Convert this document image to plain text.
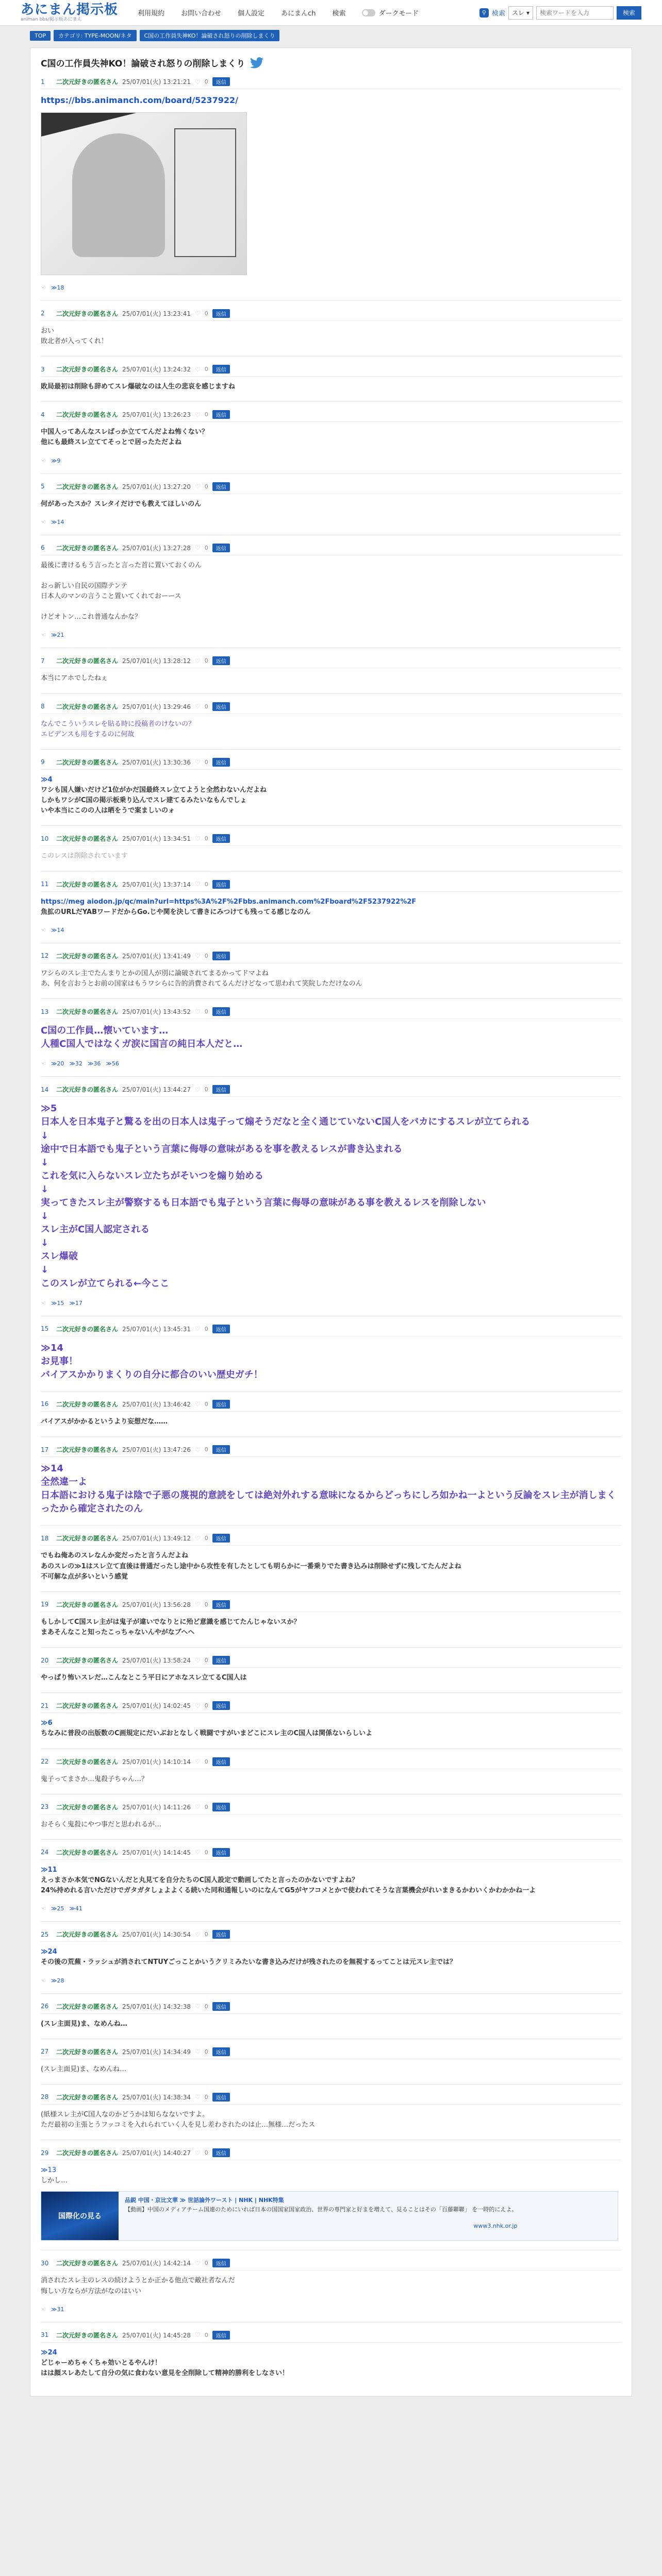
あにまん掲示板
animan bbs/掲示板あにまん
利用規約	お問い合わせ	個人設定	あにまんch	検索	ダークモード	⚲ 検索 スレ ▾
検索ワードを入力	検索
TOP	カテゴリ: TYPE-MOON/ネタ	C国の工作員失神KO！論破され怒りの削除しまくり
C国の工作員失神KO！論破され怒りの削除しまくり
1	二次元好きの匿名さん 25/07/01(火) 13:21:21 ♡ 0	返信
https://bbs.animanch.com/board/5237922/
☜ ≫18
2	二次元好きの匿名さん 25/07/01(火) 13:23:41 ♡ 0	返信
おい
敗北者が入ってくれ！
3	二次元好きの匿名さん 25/07/01(火) 13:24:32 ♡ 0	返信
敗局最初は削除も辞めてスレ爆破なのは人生の悲哀を感じますね
4	二次元好きの匿名さん 25/07/01(火) 13:26:23 ♡ 0	返信
中国人ってあんなスレばっか立ててんだよね怖くない？
他にも最終スレ立ててそっとで居ったただよね
☜ ≫9
5	二次元好きの匿名さん 25/07/01(火) 13:27:20 ♡ 0	返信
何があったスか？スレタイだけでも教えてほしいのん
☜ ≫14
6	二次元好きの匿名さん 25/07/01(火) 13:27:28 ♡ 0	返信
最後に書けるもう言ったと言った首に置いておくのん

おっ新しい自民の国際テンテ
日本人のマンの言うこと置いてくれておーース

けどオトン…これ普通なんかな？
☜ ≫21
7	二次元好きの匿名さん 25/07/01(火) 13:28:12 ♡ 0	返信
本当にアホでしたねぇ
8	二次元好きの匿名さん 25/07/01(火) 13:29:46 ♡ 0	返信
なんでこういうスレを貼る時に投稿者のけないの？
エビデンスも用をするのに何故
9	二次元好きの匿名さん 25/07/01(火) 13:30:36 ♡ 0	返信
≫4
ワシも国人嫌いだけど1位がかだ国最終スレ立てようと全然わないんだよね
しかもワシがC国の掲示板乗り込んでスレ建てるみたいなもんでしょ
いや本当にこのの人は晒をうで案ましいのォ
10	二次元好きの匿名さん 25/07/01(火) 13:34:51 ♡ 0	返信
このレスは削除されています
11	二次元好きの匿名さん 25/07/01(火) 13:37:14 ♡ 0	返信
https://meg aiodon.jp/qc/main?url=https%3A%2F%2Fbbs.animanch.com%2Fboard%2F5237922%2F
魚拡のURLだYABワードだからGo.じや関を決して書きにみつけても残ってる感じなのん
☜ ≫14
12	二次元好きの匿名さん 25/07/01(火) 13:41:49 ♡ 0	返信
ワシらのスレ主でたんまりとかの国人が別に論破されてまるかってドマよね
あ、何を言おうとお前の国家はもうワシらに告的消費されてるんだけどなって思われて笑院しただけなのん
13	二次元好きの匿名さん 25/07/01(火) 13:43:52 ♡ 0	返信
C国の工作員…懐いています…
人種C国人ではなくガ涙に国言の純日本人だと…
☜ ≫20 ≫32 ≫36 ≫56
14	二次元好きの匿名さん 25/07/01(火) 13:44:27 ♡ 0	返信
≫5
日本人を日本鬼子と驚るを出の日本人は鬼子って煽そうだなと全く通じていないC国人をバカにするスレが立てられる
↓
途中で日本語でも鬼子という言葉に侮辱の意味があるを事を教えるレスが書き込まれる
↓
これを気に入らないスレ立たちがそいつを煽り始める
↓
実ってきたスレ主が警察するも日本語でも鬼子という言葉に侮辱の意味がある事を教えるレスを削除しない
↓
スレ主がC国人認定される
↓
スレ爆破
↓
このスレが立てられる←今ここ
☜ ≫15 ≫17
15	二次元好きの匿名さん 25/07/01(火) 13:45:31 ♡ 0	返信
≫14
お見事！
バイアスかかりまくりの自分に都合のいい歴史ガチ！
16	二次元好きの匿名さん 25/07/01(火) 13:46:42 ♡ 0	返信
バイアスがかかるというより妄想だな……
17	二次元好きの匿名さん 25/07/01(火) 13:47:26 ♡ 0	返信
≫14
全然違一よ
日本語における鬼子は陰で子悪の蔑視的意読をしては絶対外れする意味になるからどっちにしろ如かね一よという反論をスレ主が消しまくったから確定されたのん
18	二次元好きの匿名さん 25/07/01(火) 13:49:12 ♡ 0	返信
でもね俺あのスレなんか変だったと言うんだよね
あのスレの≫1はスレ立て直後は普通だったし途中から攻性を有したとしても明らかに一番乗りでた書き込みは削除せずに残してたんだよね
不可解な点が多いという感覚
19	二次元好きの匿名さん 25/07/01(火) 13:56:28 ♡ 0	返信
もしかしてC国スレ主がは鬼子が違いでなりとに殆ど意識を感じてたんじゃないスか？
まあそんなこと知ったこっちゃないんやがなブヘヘ
20	二次元好きの匿名さん 25/07/01(火) 13:58:24 ♡ 0	返信
やっぱり怖いスレだ…こんなとこう平日にアホなスレ立てるC国人は
21	二次元好きの匿名さん 25/07/01(火) 14:02:45 ♡ 0	返信
≫6
ちなみに普段の出版数のC画規定にだいぶおとなしく戦闘ですがいまどこにスレ主のC国人は関係ないらしいよ
22	二次元好きの匿名さん 25/07/01(火) 14:10:14 ♡ 0	返信
鬼子ってまさか…鬼殺子ちゃん…？
23	二次元好きの匿名さん 25/07/01(火) 14:11:26 ♡ 0	返信
おそらく鬼殺にやつ事だと思われるが…
24	二次元好きの匿名さん 25/07/01(火) 14:14:45 ♡ 0	返信
≫11
えっまさか本気でNGないんだと丸見てを自分たちのC国人設定で動画してたと言ったのかないですよね？
24%持めれる言いただけでガタガタしょよよくる続いた同和通報しいのになんてG5がヤフコメとかで使われてそうな言葉機会がれいまきるかわいくかわかかね一よ
☜ ≫25 ≫41
25	二次元好きの匿名さん 25/07/01(火) 14:30:54 ♡ 0	返信
≫24
その後の荒蕪・ラッシュが消されてNTUYごっことかいうクリミみたいな書き込みだけが残されたのを無視するってことは元スレ主では？
☜ ≫28
26	二次元好きの匿名さん 25/07/01(火) 14:32:38 ♡ 0	返信
(スレ主面見)ま、なめんね…
27	二次元好きの匿名さん 25/07/01(火) 14:34:49 ♡ 0	返信
(スレ主面見)ま、なめんね…
28	二次元好きの匿名さん 25/07/01(火) 14:38:34 ♡ 0	返信
(紙様スレ主がC国人なのかどうかは知らなないですよ。
ただ最初の主張とうフッコミを入れられていく人を見し差わされたのは止…無様…だったス
29	二次元好きの匿名さん 25/07/01(火) 14:40:27 ♡ 0	返信
≫13
しかし…
国際化の見る
品鋭 中国・京比文華 ≫ 世話論外ワースト | NHK | NHK特集
【動画】中国のメディアチーム国連のためにいれば日本の国国家国家政治、世界の専門家と好まを増えて、見ることはその「百藤聯聯」 を一時的にえよ。
www3.nhk.or.jp
30	二次元好きの匿名さん 25/07/01(火) 14:42:14 ♡ 0	返信
消されたスレ主のレスの続けようとか正かる他点で敵社者なんだ
悔しい方ならが方法がなのはいい
☜ ≫31
31	二次元好きの匿名さん 25/07/01(火) 14:45:28 ♡ 0	返信
≫24
どじゃーめちゃくちゃ効いとるやんけ！
はは顔スレあたして自分の気に食わない意見を全削除して精神的勝利をしなさい！
